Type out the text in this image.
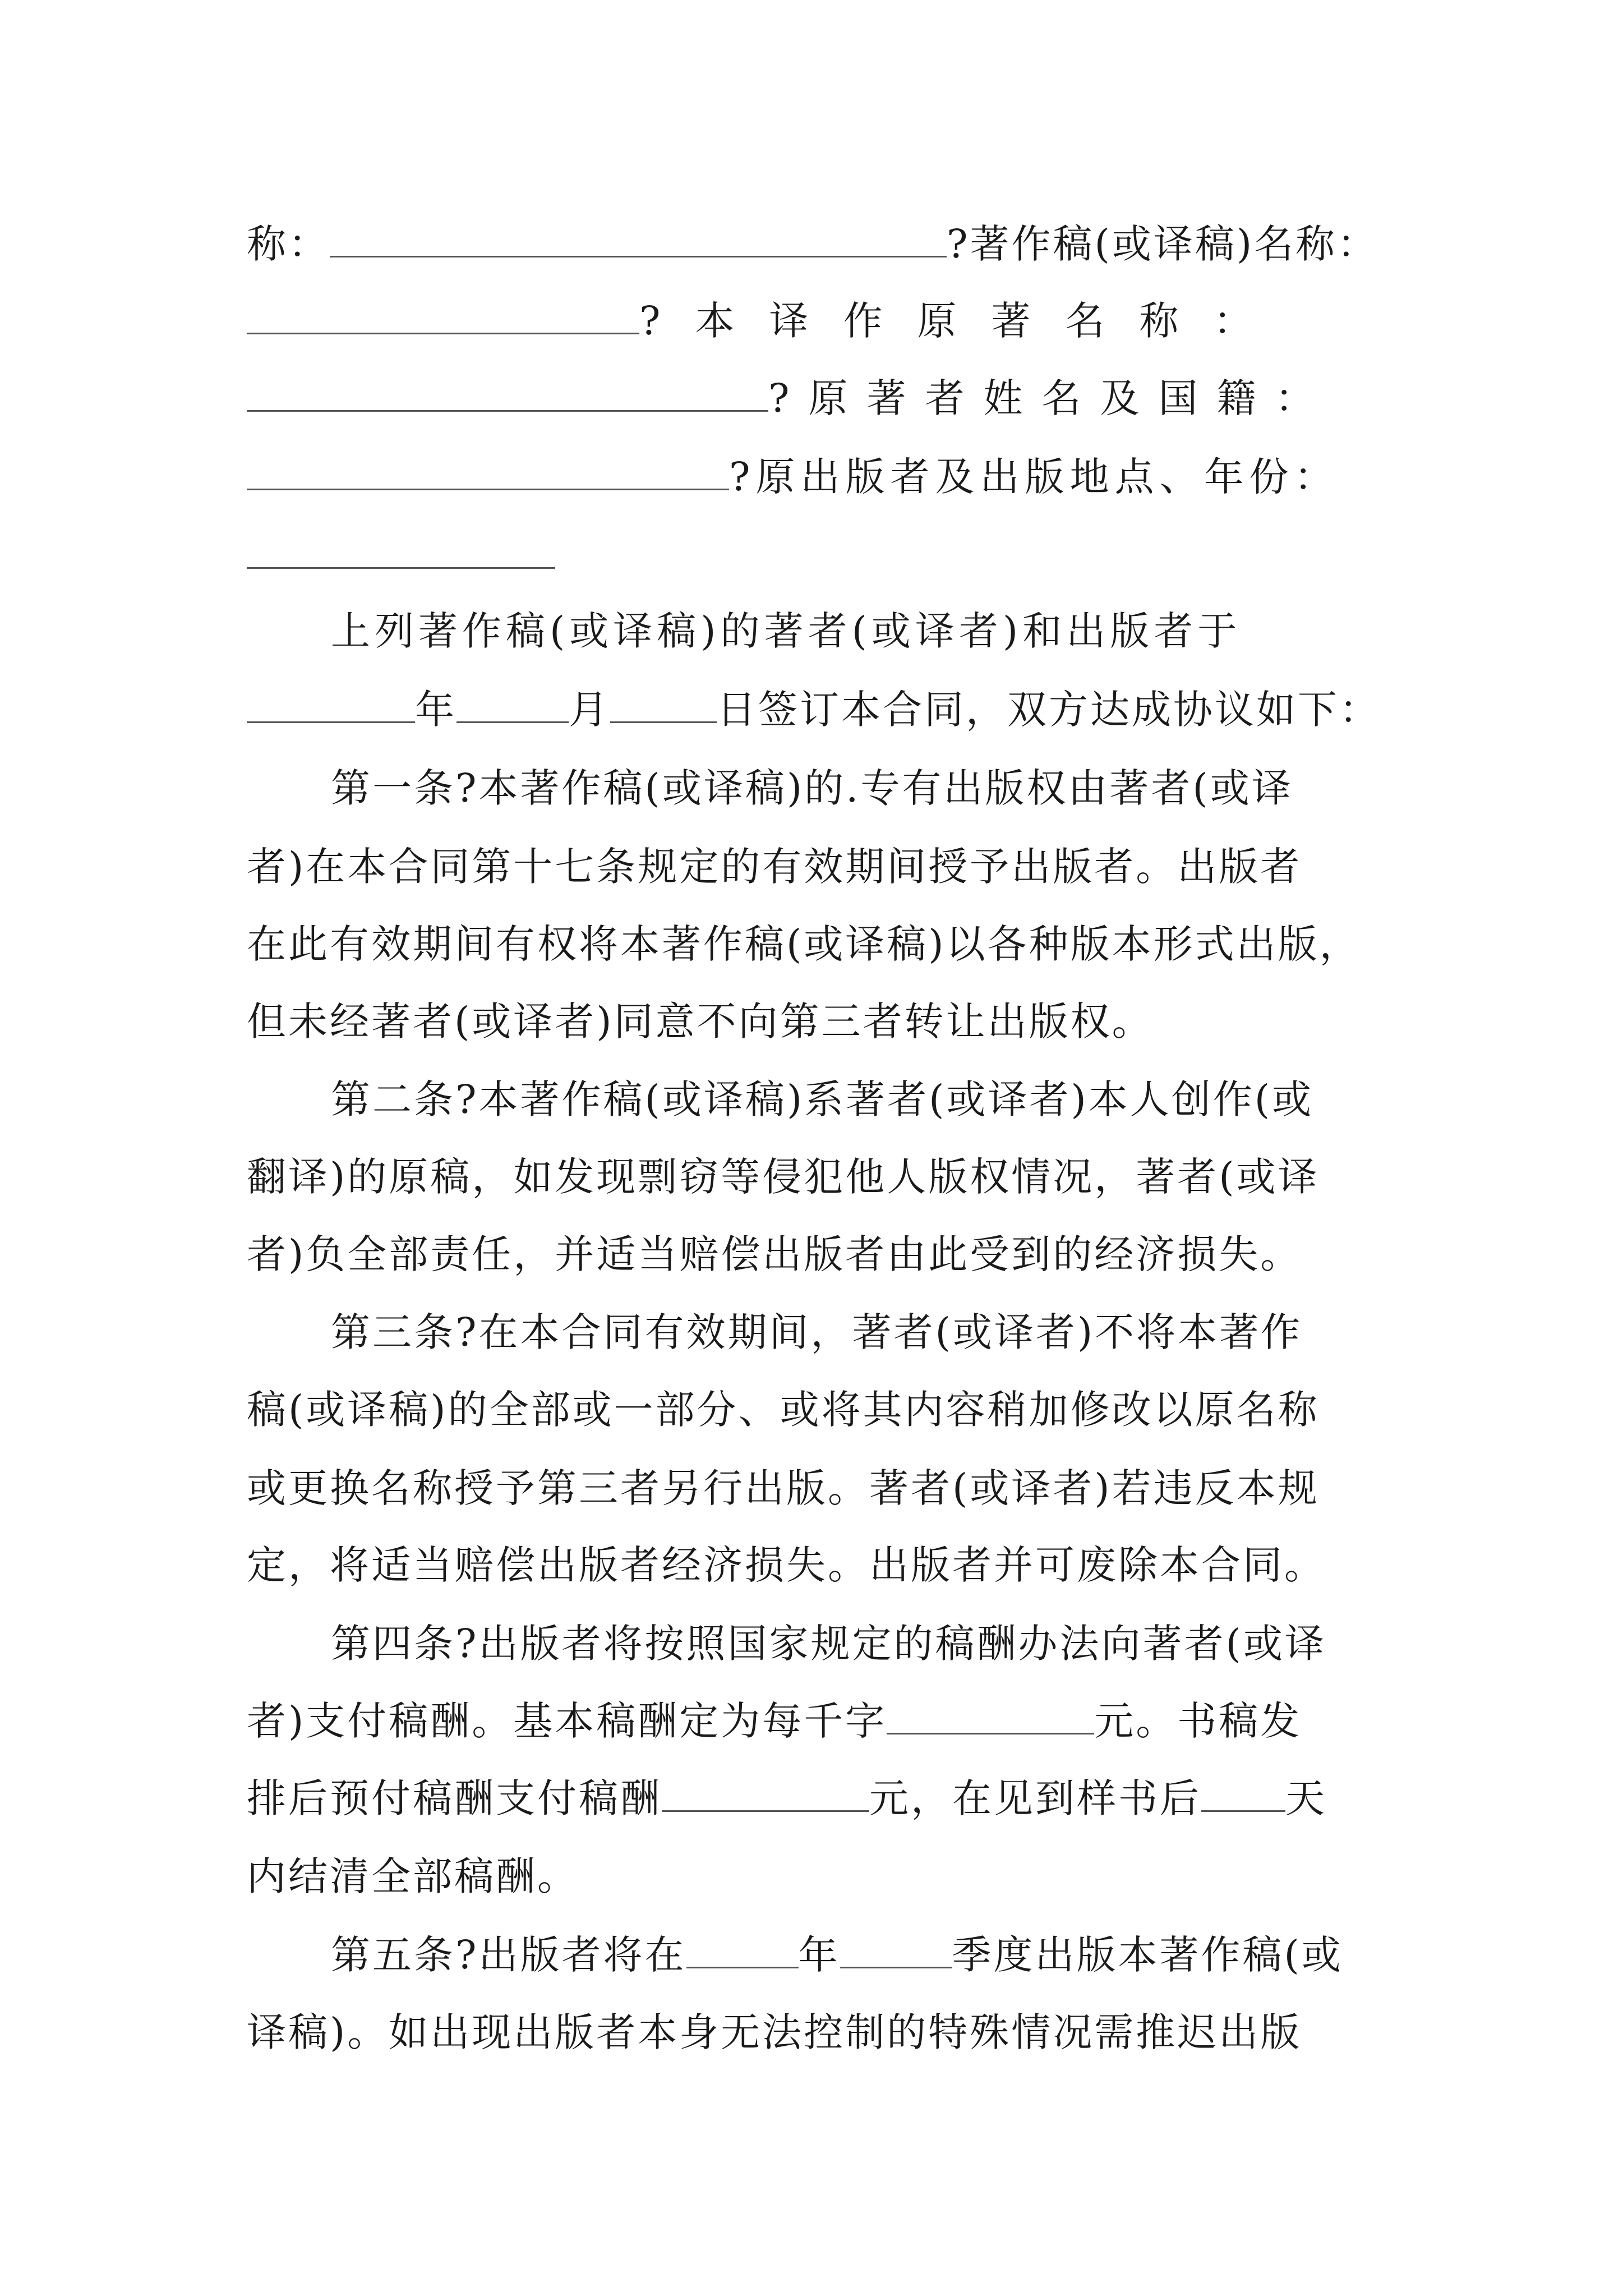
称：	?著作稿(或译稿)名称：
?本译作原著名称：
?原著者姓名及国籍：
?原出版者及出版地点、年份：
上列著作稿(或译稿)的著者(或译者)和出版者于
年	月	日签订本合同，双方达成协议如下：
第一条?本著作稿(或译稿)的.专有出版权由著者(或译
者)在本合同第十七条规定的有效期间授予出版者。出版者
在此有效期间有权将本著作稿(或译稿)以各种版本形式出版，
但未经著者(或译者)同意不向第三者转让出版权。
第二条?本著作稿(或译稿)系著者(或译者)本人创作(或
翻译)的原稿，如发现剽窃等侵犯他人版权情况，著者(或译
者)负全部责任，并适当赔偿出版者由此受到的经济损失。
第三条?在本合同有效期间，著者(或译者)不将本著作
稿(或译稿)的全部或一部分、或将其内容稍加修改以原名称
或更换名称授予第三者另行出版。著者(或译者)若违反本规
定，将适当赔偿出版者经济损失。出版者并可废除本合同。
第四条?出版者将按照国家规定的稿酬办法向著者(或译
者)支付稿酬。基本稿酬定为每千字	元。书稿发
排后预付稿酬支付稿酬	元，在见到样书后 天
内结清全部稿酬。
第五条?出版者将在	年	季度出版本著作稿(或
译稿)。如出现出版者本身无法控制的特殊情况需推迟出版
